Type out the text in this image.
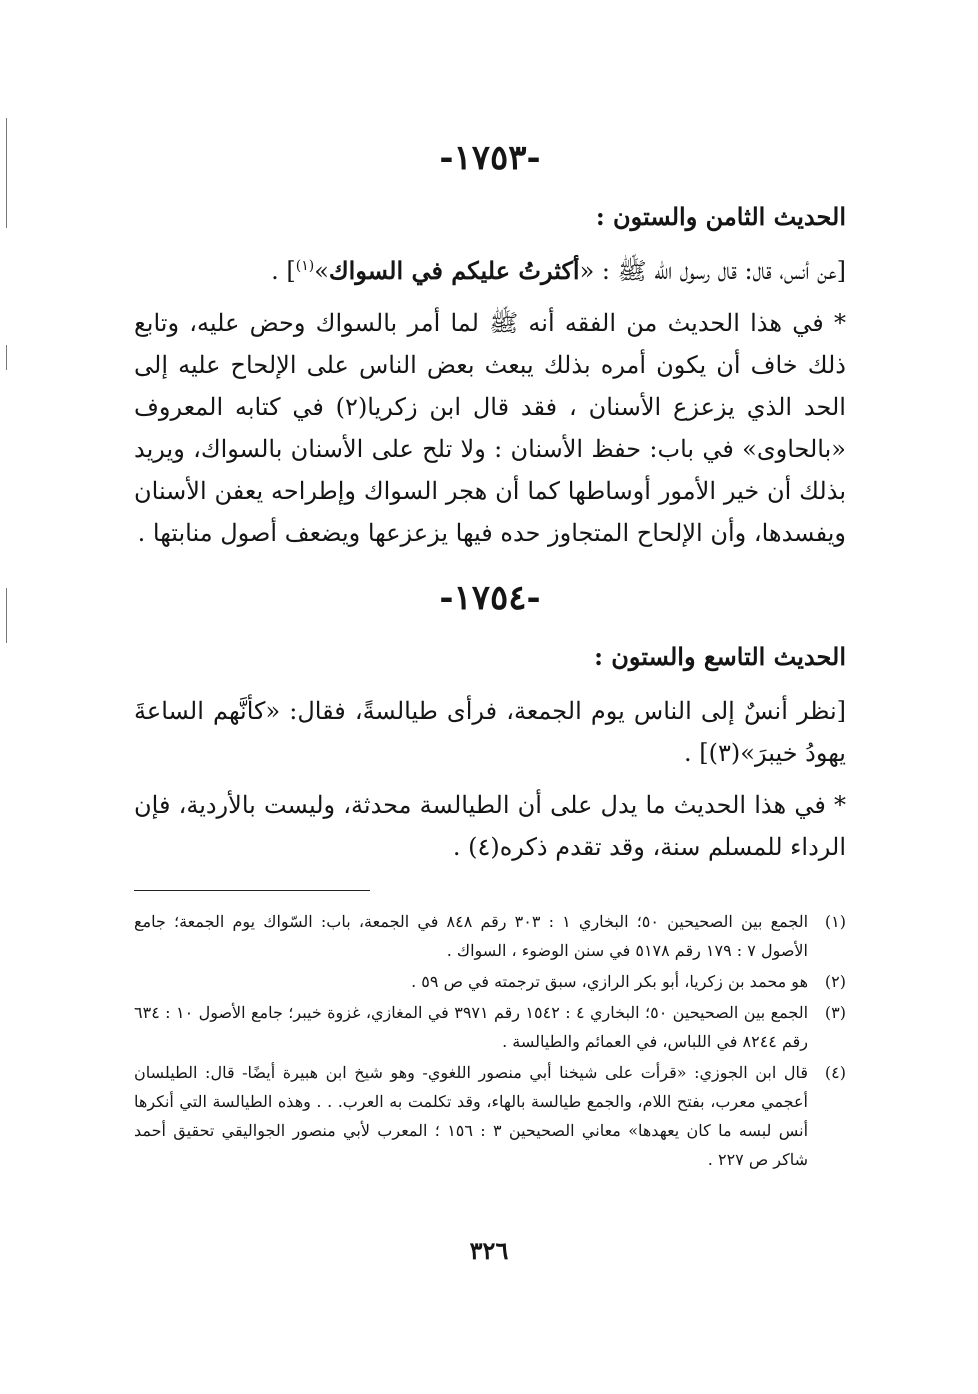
-١٧٥٣-
الحديث الثامن والستون :
[عن أنس، قال: قال رسول الله ﷺ : «أكثرتُ عليكم في السواك»$^{(١)}$] .
* في هذا الحديث من الفقه أنه ﷺ لما أمر بالسواك وحض عليه، وتابع ذلك خاف أن يكون أمره بذلك يبعث بعض الناس على الإلحاح عليه إلى الحد الذي يزعزع الأسنان ، فقد قال ابن زكريا(٢) في كتابه المعروف «بالحاوى» في باب: حفظ الأسنان : ولا تلح على الأسنان بالسواك، ويريد بذلك أن خير الأمور أوساطها كما أن هجر السواك وإطراحه يعفن الأسنان ويفسدها، وأن الإلحاح المتجاوز حده فيها يزعزعها ويضعف أصول منابتها .
-١٧٥٤-
الحديث التاسع والستون :
[نظر أنسٌ إلى الناس يوم الجمعة، فرأى طيالسةً، فقال: «كأنَّهم الساعةَ يهودُ خيبرَ»(٣)] .
* في هذا الحديث ما يدل على أن الطيالسة محدثة، وليست بالأردية، فإن الرداء للمسلم سنة، وقد تقدم ذكره(٤) .
(١)
الجمع بين الصحيحين ٥٠؛ البخاري ١ : ٣٠٣ رقم ٨٤٨ في الجمعة، باب: السّواك يوم الجمعة؛ جامع الأصول ٧ : ١٧٩ رقم ٥١٧٨ في سنن الوضوء ، السواك .
(٢)
هو محمد بن زكريا، أبو بكر الرازي، سبق ترجمته في ص ٥٩ .
(٣)
الجمع بين الصحيحين ٥٠؛ البخاري ٤ : ١٥٤٢ رقم ٣٩٧١ في المغازي، غزوة خيبر؛ جامع الأصول ١٠ : ٦٣٤ رقم ٨٢٤٤ في اللباس، في العمائم والطيالسة .
(٤)
قال ابن الجوزي: «قرأت على شيخنا أبي منصور اللغوي- وهو شيخ ابن هبيرة أيضًا- قال: الطيلسان أعجمي معرب، بفتح اللام، والجمع طيالسة بالهاء، وقد تكلمت به العرب. . . وهذه الطيالسة التي أنكرها أنس لبسه ما كان يعهدها» معاني الصحيحين ٣ : ١٥٦ ؛ المعرب لأبي منصور الجواليقي تحقيق أحمد شاكر ص ٢٢٧ .
٣٢٦
